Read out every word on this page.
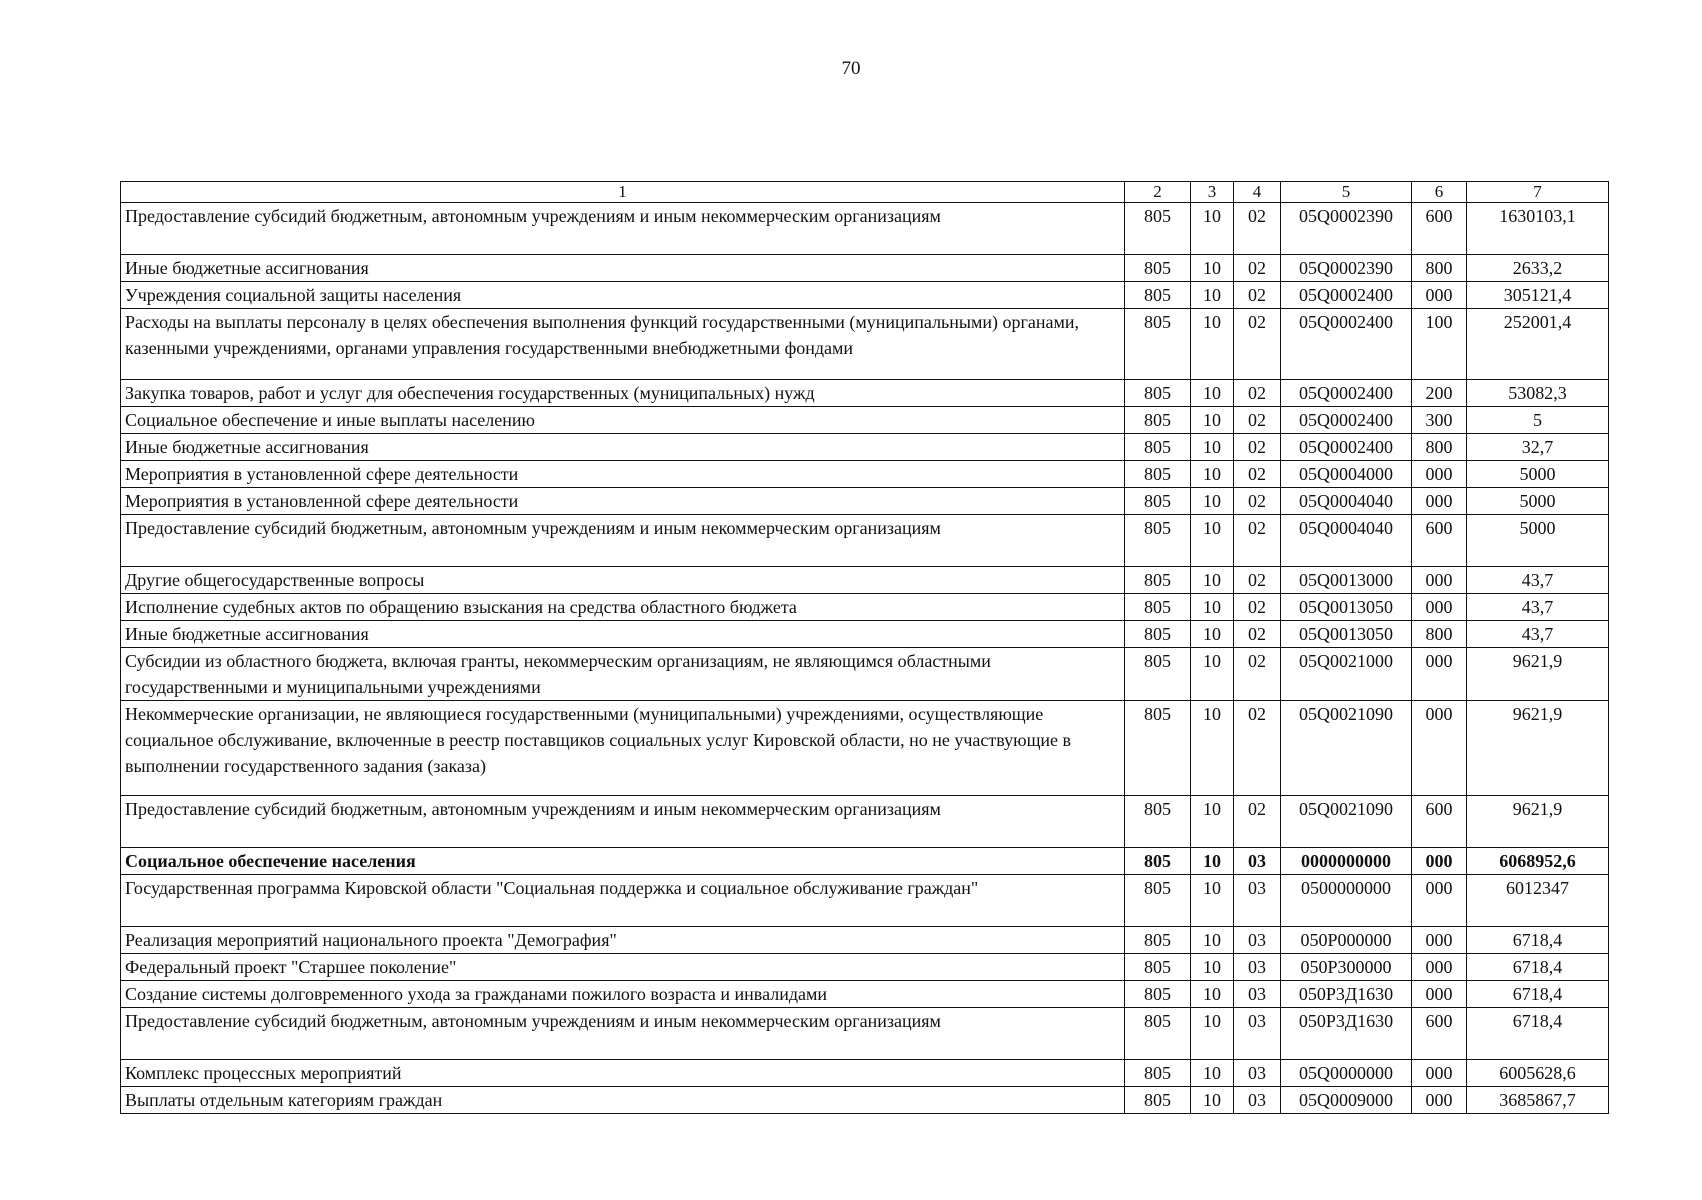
70
1	2	3	4	5	6	7
Предоставление субсидий бюджетным, автономным учреждениям и иным некоммерческим организациям	805	10	02	05Q0002390	600	1630103,1
Иные бюджетные ассигнования	805	10	02	05Q0002390	800	2633,2
Учреждения социальной защиты населения	805	10	02	05Q0002400	000	305121,4
Расходы на выплаты персоналу в целях обеспечения выполнения функций государственными (муниципальными) органами, казенными учреждениями, органами управления государственными внебюджетными фондами	805	10	02	05Q0002400	100	252001,4
Закупка товаров, работ и услуг для обеспечения государственных (муниципальных) нужд	805	10	02	05Q0002400	200	53082,3
Социальное обеспечение и иные выплаты населению	805	10	02	05Q0002400	300	5
Иные бюджетные ассигнования	805	10	02	05Q0002400	800	32,7
Мероприятия в установленной сфере деятельности	805	10	02	05Q0004000	000	5000
Мероприятия в установленной сфере деятельности	805	10	02	05Q0004040	000	5000
Предоставление субсидий бюджетным, автономным учреждениям и иным некоммерческим организациям	805	10	02	05Q0004040	600	5000
Другие общегосударственные вопросы	805	10	02	05Q0013000	000	43,7
Исполнение судебных актов по обращению взыскания на средства областного бюджета	805	10	02	05Q0013050	000	43,7
Иные бюджетные ассигнования	805	10	02	05Q0013050	800	43,7
Субсидии из областного бюджета, включая гранты, некоммерческим организациям, не являющимся областными государственными и муниципальными учреждениями	805	10	02	05Q0021000	000	9621,9
Некоммерческие организации, не являющиеся государственными (муниципальными) учреждениями, осуществляющие социальное обслуживание, включенные в реестр поставщиков социальных услуг Кировской области, но не участвующие в выполнении государственного задания (заказа)	805	10	02	05Q0021090	000	9621,9
Предоставление субсидий бюджетным, автономным учреждениям и иным некоммерческим организациям	805	10	02	05Q0021090	600	9621,9
Социальное обеспечение населения	805	10	03	0000000000	000	6068952,6
Государственная программа Кировской области "Социальная поддержка и социальное обслуживание граждан"	805	10	03	0500000000	000	6012347
Реализация мероприятий национального проекта "Демография"	805	10	03	050P000000	000	6718,4
Федеральный проект "Старшее поколение"	805	10	03	050P300000	000	6718,4
Создание системы долговременного ухода за гражданами пожилого возраста и инвалидами	805	10	03	050P3Д1630	000	6718,4
Предоставление субсидий бюджетным, автономным учреждениям и иным некоммерческим организациям	805	10	03	050P3Д1630	600	6718,4
Комплекс процессных мероприятий	805	10	03	05Q0000000	000	6005628,6
Выплаты отдельным категориям граждан	805	10	03	05Q0009000	000	3685867,7
